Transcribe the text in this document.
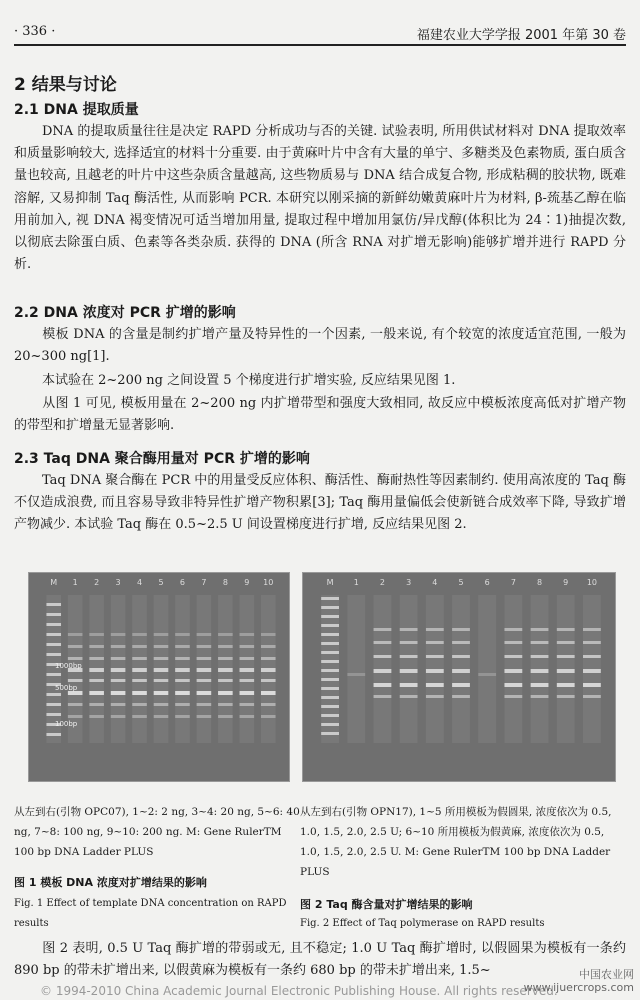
· 336 ·	福建农业大学学报 2001 年第 30 卷
2 结果与讨论
2.1 DNA 提取质量
DNA 的提取质量往往是决定 RAPD 分析成功与否的关键. 试验表明, 所用供试材料对 DNA 提取效率和质量影响较大, 选择适宜的材料十分重要. 由于黄麻叶片中含有大量的单宁、多糖类及色素物质, 蛋白质含量也较高, 且越老的叶片中这些杂质含量越高, 这些物质易与 DNA 结合成复合物, 形成粘稠的胶状物, 既难溶解, 又易抑制 Taq 酶活性, 从而影响 PCR. 本研究以刚采摘的新鲜幼嫩黄麻叶片为材料, β-巯基乙醇在临用前加入, 视 DNA 褐变情况可适当增加用量, 提取过程中增加用氯仿/异戊醇(体积比为 24∶1)抽提次数, 以彻底去除蛋白质、色素等各类杂质. 获得的 DNA (所含 RNA 对扩增无影响)能够扩增并进行 RAPD 分析.
2.2 DNA 浓度对 PCR 扩增的影响
模板 DNA 的含量是制约扩增产量及特异性的一个因素, 一般来说, 有个较宽的浓度适宜范围, 一般为 20~300 ng[1].
本试验在 2~200 ng 之间设置 5 个梯度进行扩增实验, 反应结果见图 1.
从图 1 可见, 模板用量在 2~200 ng 内扩增带型和强度大致相同, 故反应中模板浓度高低对扩增产物的带型和扩增量无显著影响.
2.3 Taq DNA 聚合酶用量对 PCR 扩增的影响
Taq DNA 聚合酶在 PCR 中的用量受反应体积、酶活性、酶耐热性等因素制约. 使用高浓度的 Taq 酶不仅造成浪费, 而且容易导致非特异性扩增产物积累[3]; Taq 酶用量偏低会使新链合成效率下降, 导致扩增产物减少. 本试验 Taq 酶在 0.5~2.5 U 间设置梯度进行扩增, 反应结果见图 2.
M 1 2 3 4 5 6 7 8 9 10
1000bp
500bp
100bp
M	1	2	3	4	5	6	7	8	9 10
从左到右(引物 OPC07), 1~2: 2 ng, 3~4: 20 ng, 5~6: 40 ng, 7~8: 100 ng, 9~10: 200 ng. M: Gene RulerTM 100 bp DNA Ladder PLUS
图 1 模板 DNA 浓度对扩增结果的影响
Fig. 1 Effect of template DNA concentration on RAPD results
从左到右(引物 OPN17), 1~5 所用模板为假圆果, 浓度依次为 0.5, 1.0, 1.5, 2.0, 2.5 U; 6~10 所用模板为假黄麻, 浓度依次为 0.5, 1.0, 1.5, 2.0, 2.5 U. M: Gene RulerTM 100 bp DNA Ladder PLUS
图 2 Taq 酶含量对扩增结果的影响
Fig. 2 Effect of Taq polymerase on RAPD results
图 2 表明, 0.5 U Taq 酶扩增的带弱或无, 且不稳定; 1.0 U Taq 酶扩增时, 以假圆果为模板有一条约 890 bp 的带未扩增出来, 以假黄麻为模板有一条约 680 bp 的带未扩增出来, 1.5~
© 1994-2010 China Academic Journal Electronic Publishing House. All rights reserved.
中国农业网
www.ijuercrops.com
